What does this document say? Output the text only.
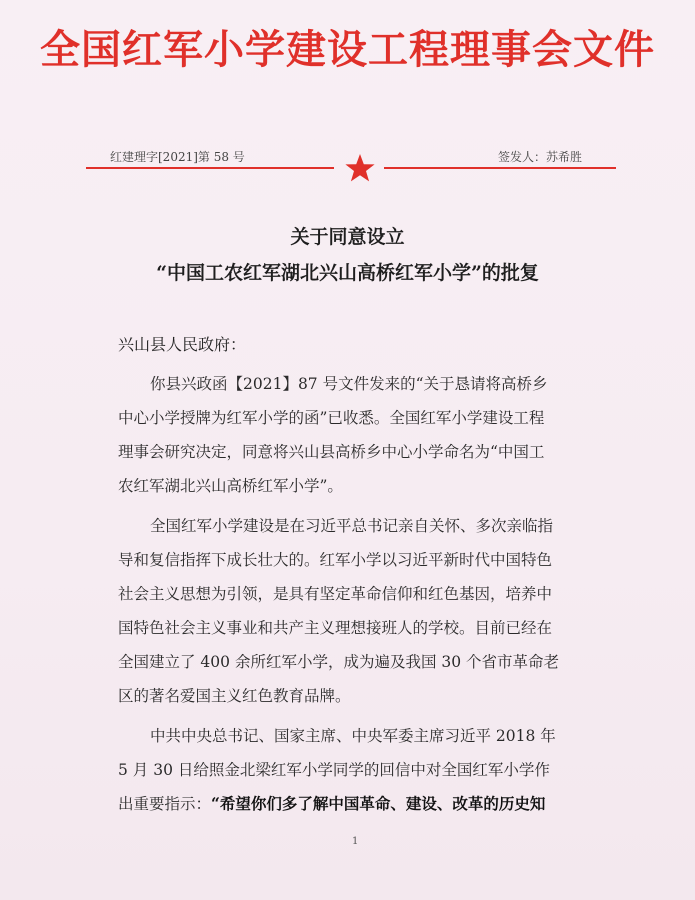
全国红军小学建设工程理事会文件
红建理字[2021]第 58 号	签发人：苏希胜
关于同意设立
“中国工农红军湖北兴山高桥红军小学”的批复
兴山县人民政府：
你县兴政函【2021】87 号文件发来的“关于恳请将高桥乡
中心小学授牌为红军小学的函”已收悉。全国红军小学建设工程
理事会研究决定，同意将兴山县高桥乡中心小学命名为“中国工
农红军湖北兴山高桥红军小学”。
全国红军小学建设是在习近平总书记亲自关怀、多次亲临指
导和复信指挥下成长壮大的。红军小学以习近平新时代中国特色
社会主义思想为引领，是具有坚定革命信仰和红色基因，培养中
国特色社会主义事业和共产主义理想接班人的学校。目前已经在
全国建立了 400 余所红军小学，成为遍及我国 30 个省市革命老
区的著名爱国主义红色教育品牌。
中共中央总书记、国家主席、中央军委主席习近平 2018 年
5 月 30 日给照金北梁红军小学同学的回信中对全国红军小学作
出重要指示：“希望你们多了解中国革命、建设、改革的历史知
1
